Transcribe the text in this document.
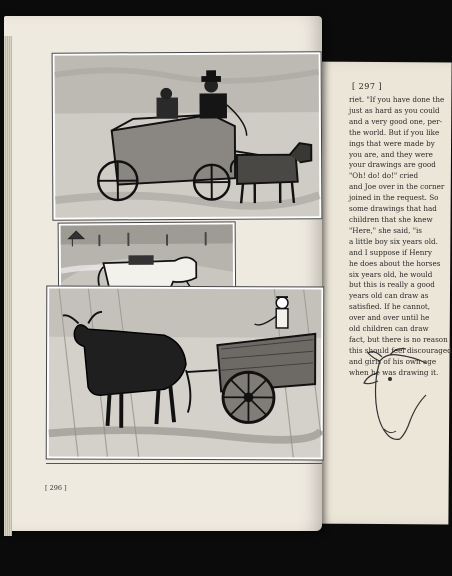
[ 297 ]
riet. "If you have done the
just as hard as you could
and a very good one, per-
the world. But if you like
ings that were made by
you are, and they were
your drawings are good
"Oh! do! do!" cried
and Joe over in the corner
joined in the request. So
some drawings that had
children that she knew
"Here," she said, "is
a little boy six years old.
and I suppose if Henry
he does about the horses
six years old, he would
but this is really a good
years old can draw as
satisfied. If he cannot,
over and over until he
old children can draw
fact, but there is no reason
this should feel discouraged
and girls of his own age
when he was drawing it.
[ 296 ]
